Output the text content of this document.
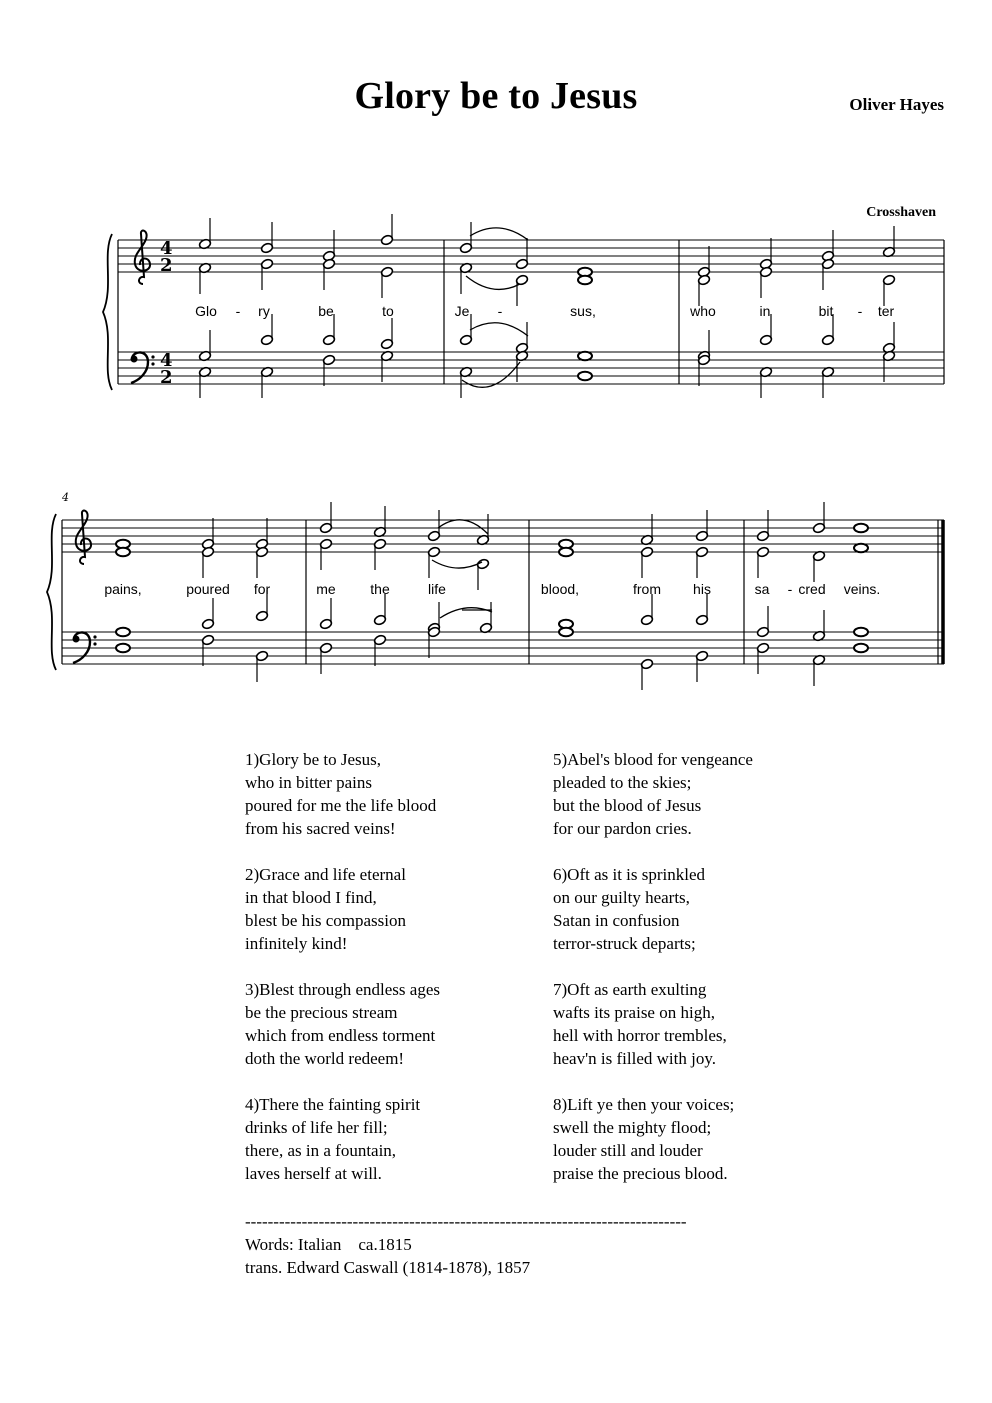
Glory be to Jesus	Oliver Hayes
Crosshaven
4
2
4
2
Glo - ry	be	to	Je -	sus,	who	in	bit - ter
4
pains,	poured for	me the	life	blood,	from his	sa - cred veins.
1)Glory be to Jesus,
who in bitter pains
poured for me the life blood
from his sacred veins!
2)Grace and life eternal
in that blood I find,
blest be his compassion
infinitely kind!
3)Blest through endless ages
be the precious stream
which from endless torment
doth the world redeem!
4)There the fainting spirit
drinks of life her fill;
there, as in a fountain,
laves herself at will.
5)Abel's blood for vengeance
pleaded to the skies;
but the blood of Jesus
for our pardon cries.
6)Oft as it is sprinkled
on our guilty hearts,
Satan in confusion
terror-struck departs;
7)Oft as earth exulting
wafts its praise on high,
hell with horror trembles,
heav'n is filled with joy.
8)Lift ye then your voices;
swell the mighty flood;
louder still and louder
praise the precious blood.
------------------------------------------------------------------------------
Words: Italian    ca.1815
trans. Edward Caswall (1814-1878), 1857
